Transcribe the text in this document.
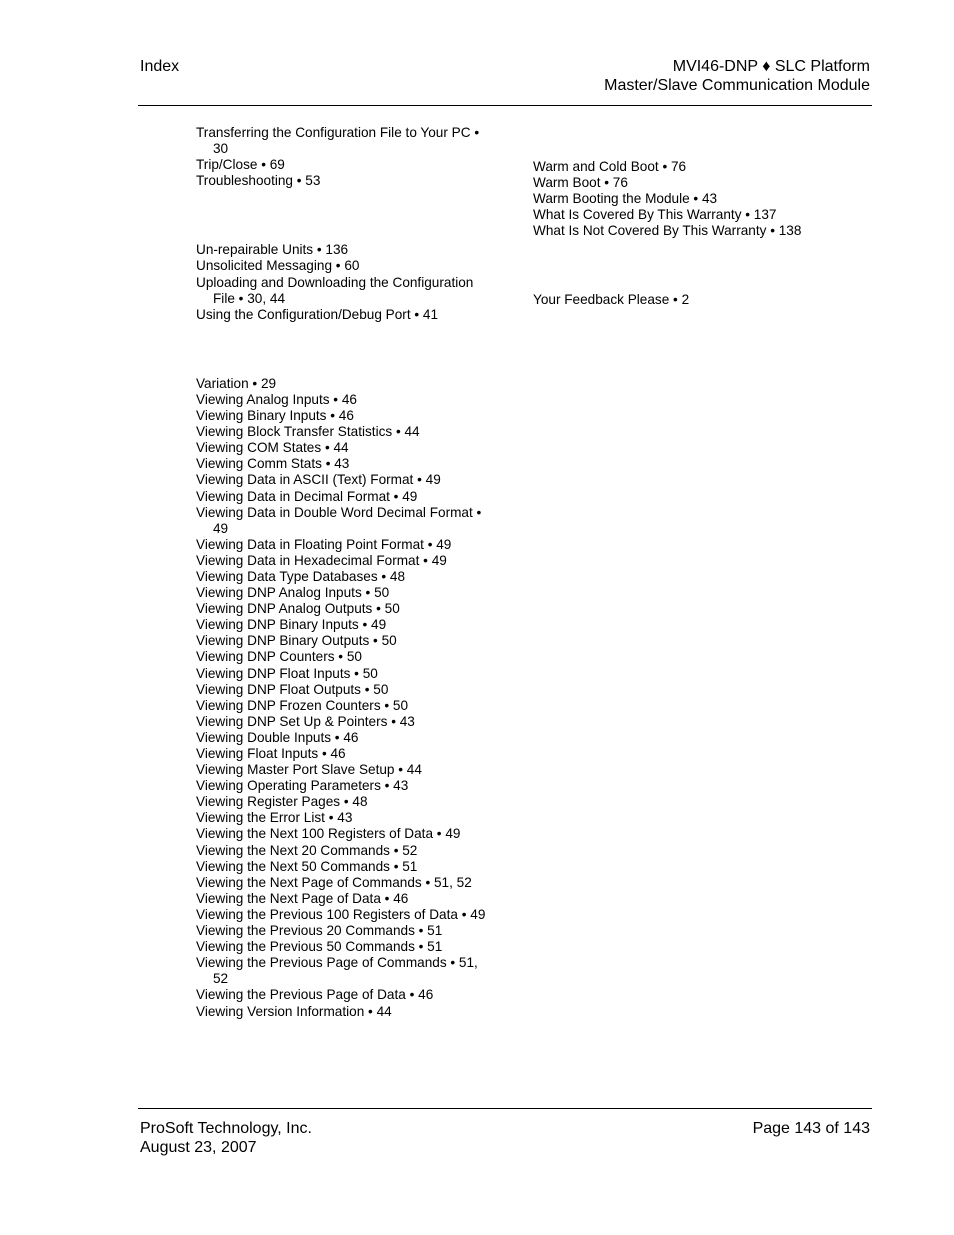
Index	MVI46-DNP ♦ SLC Platform
Master/Slave Communication Module
Transferring the Configuration File to Your PC • 30
Trip/Close • 69
Troubleshooting • 53
Un-repairable Units • 136
Unsolicited Messaging • 60
Uploading and Downloading the Configuration File • 30, 44
Using the Configuration/Debug Port • 41
Variation • 29
Viewing Analog Inputs • 46
Viewing Binary Inputs • 46
Viewing Block Transfer Statistics • 44
Viewing COM States • 44
Viewing Comm Stats • 43
Viewing Data in ASCII (Text) Format • 49
Viewing Data in Decimal Format • 49
Viewing Data in Double Word Decimal Format • 49
Viewing Data in Floating Point Format • 49
Viewing Data in Hexadecimal Format • 49
Viewing Data Type Databases • 48
Viewing DNP Analog Inputs • 50
Viewing DNP Analog Outputs • 50
Viewing DNP Binary Inputs • 49
Viewing DNP Binary Outputs • 50
Viewing DNP Counters • 50
Viewing DNP Float Inputs • 50
Viewing DNP Float Outputs • 50
Viewing DNP Frozen Counters • 50
Viewing DNP Set Up & Pointers • 43
Viewing Double Inputs • 46
Viewing Float Inputs • 46
Viewing Master Port Slave Setup • 44
Viewing Operating Parameters • 43
Viewing Register Pages • 48
Viewing the Error List • 43
Viewing the Next 100 Registers of Data • 49
Viewing the Next 20 Commands • 52
Viewing the Next 50 Commands • 51
Viewing the Next Page of Commands • 51, 52
Viewing the Next Page of Data • 46
Viewing the Previous 100 Registers of Data • 49
Viewing the Previous 20 Commands • 51
Viewing the Previous 50 Commands • 51
Viewing the Previous Page of Commands • 51, 52
Viewing the Previous Page of Data • 46
Viewing Version Information • 44
Warm and Cold Boot • 76
Warm Boot • 76
Warm Booting the Module • 43
What Is Covered By This Warranty • 137
What Is Not Covered By This Warranty • 138
Your Feedback Please • 2
ProSoft Technology, Inc.
August 23, 2007
Page 143 of 143
